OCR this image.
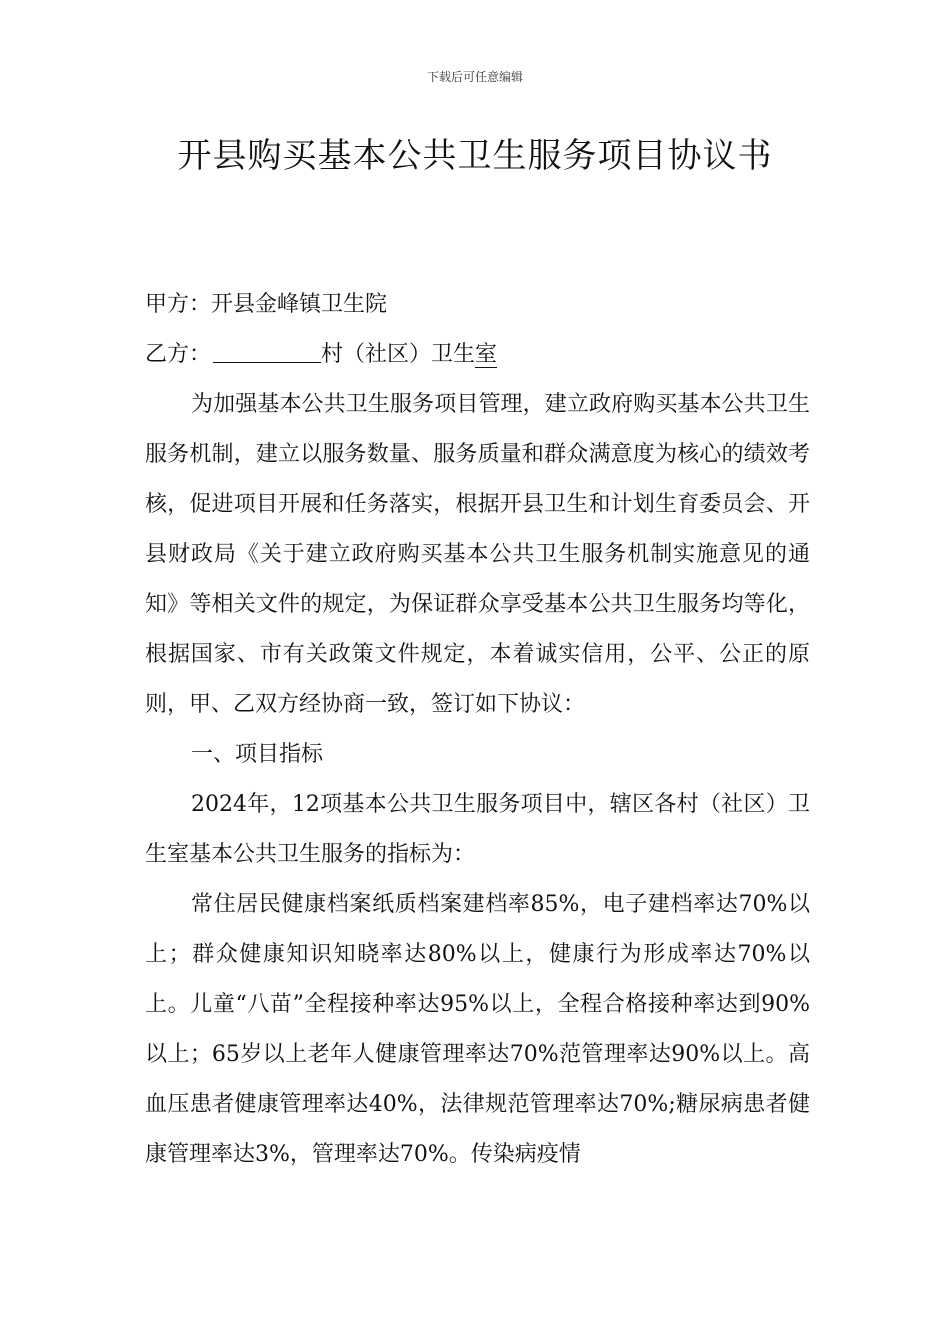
下载后可任意编辑
开县购买基本公共卫生服务项目协议书

甲方：开县金峰镇卫生院

乙方：	村（社区）卫生室

为加强基本公共卫生服务项目管理，建立政府购买基本公共卫生服务机制，建立以服务数量、服务质量和群众满意度为核心的绩效考核，促进项目开展和任务落实，根据开县卫生和计划生育委员会、开县财政局《关于建立政府购买基本公共卫生服务机制实施意见的通知》等相关文件的规定，为保证群众享受基本公共卫生服务均等化，根据国家、市有关政策文件规定，本着诚实信用，公平、公正的原则，甲、乙双方经协商一致，签订如下协议：

一、项目指标

2024年，12项基本公共卫生服务项目中，辖区各村（社区）卫生室基本公共卫生服务的指标为：

常住居民健康档案纸质档案建档率85%，电子建档率达70%以上；群众健康知识知晓率达80%以上，健康行为形成率达70%以上。儿童“八苗”全程接种率达95%以上，全程合格接种率达到90%以上；65岁以上老年人健康管理率达70%范管理率达90%以上。高血压患者健康管理率达40%，法律规范管理率达70%;糖尿病患者健康管理率达3%，管理率达70%。传染病疫情
